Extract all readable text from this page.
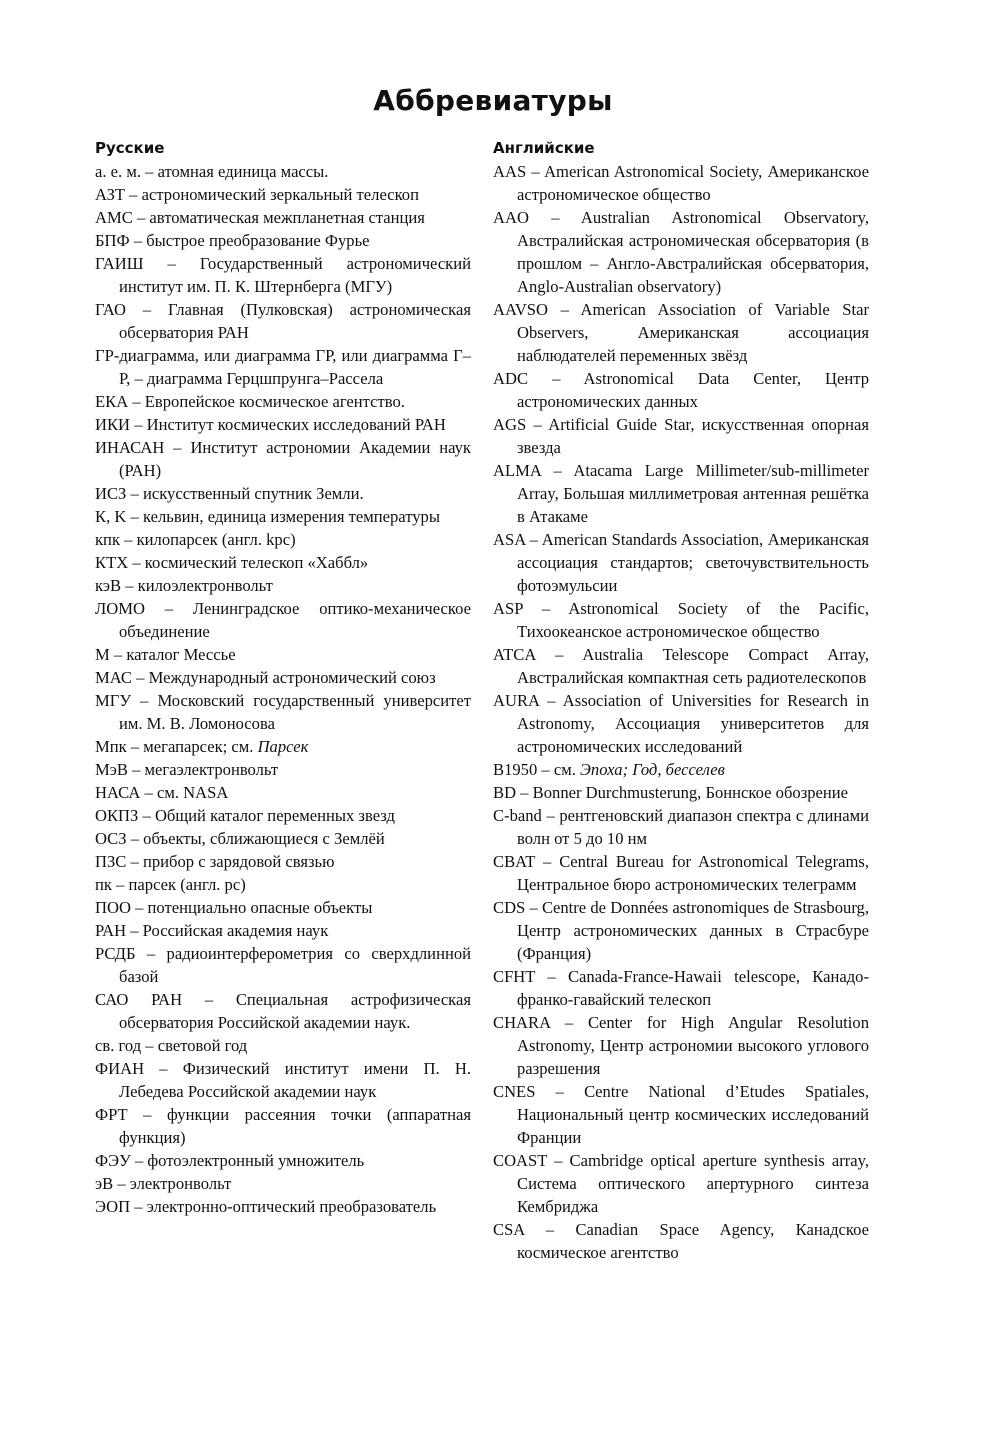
Аббревиатуры
Русские
а. е. м. – атомная единица массы.
АЗТ – астрономический зеркальный телескоп
АМС – автоматическая межпланетная станция
БПФ – быстрое преобразование Фурье
ГАИШ – Государственный астрономический институт им. П. К. Штернберга (МГУ)
ГАО – Главная (Пулковская) астрономическая обсерватория РАН
ГР-диаграмма, или диаграмма ГР, или диаграмма Г–Р, – диаграмма Герцшпрунга–Рассела
ЕКА – Европейское космическое агентство.
ИКИ – Институт космических исследований РАН
ИНАСАН – Институт астрономии Академии наук (РАН)
ИСЗ – искусственный спутник Земли.
К, K – кельвин, единица измерения температуры
кпк – килопарсек (англ. kpc)
КТХ – космический телескоп «Хаббл»
кэВ – килоэлектронвольт
ЛОМО – Ленинградское оптико-механическое объединение
М – каталог Мессье
МАС – Международный астрономический союз
МГУ – Московский государственный университет им. М. В. Ломоносова
Мпк – мегапарсек; см. Парсек
МэВ – мегаэлектронвольт
НАСА – см. NASA
ОКПЗ – Общий каталог переменных звезд
ОСЗ – объекты, сближающиеся с Землёй
ПЗС – прибор с зарядовой связью
пк – парсек (англ. pc)
ПОО – потенциально опасные объекты
РАН – Российская академия наук
РСДБ – радиоинтерферометрия со сверхдлинной базой
САО РАН – Специальная астрофизическая обсерватория Российской академии наук.
св. год – световой год
ФИАН – Физический институт имени П. Н. Лебедева Российской академии наук
ФРТ – функции рассеяния точки (аппаратная функция)
ФЭУ – фотоэлектронный умножитель
эВ – электронвольт
ЭОП – электронно-оптический преобразователь
Английские
AAS – American Astronomical Society, Американское астрономическое общество
AAO – Australian Astronomical Observatory, Австралийская астрономическая обсерватория (в прошлом – Англо-Австралийская обсерватория, Anglo-Australian observatory)
AAVSO – American Association of Variable Star Observers, Американская ассоциация наблюдателей переменных звёзд
ADC – Astronomical Data Center, Центр астрономических данных
AGS – Artificial Guide Star, искусственная опорная звезда
ALMA – Atacama Large Millimeter/sub-millimeter Array, Большая миллиметровая антенная решётка в Атакаме
ASA – American Standards Association, Американская ассоциация стандартов; светочувствительность фотоэмульсии
ASP – Astronomical Society of the Pacific, Тихоокеанское астрономическое общество
ATCA – Australia Telescope Compact Array, Австралийская компактная сеть радиотелескопов
AURA – Association of Universities for Research in Astronomy, Ассоциация университетов для астрономических исследований
B1950 – см. Эпоха; Год, бесселев
BD – Bonner Durchmusterung, Боннское обозрение
C-band – рентгеновский диапазон спектра с длинами волн от 5 до 10 нм
CBAT – Central Bureau for Astronomical Telegrams, Центральное бюро астрономических телеграмм
CDS – Centre de Données astronomiques de Strasbourg, Центр астрономических данных в Страсбуре (Франция)
CFHT – Canada-France-Hawaii telescope, Канадо-франко-гавайский телескоп
CHARA – Center for High Angular Resolution Astronomy, Центр астрономии высокого углового разрешения
CNES – Centre National d’Etudes Spatiales, Национальный центр космических исследований Франции
COAST – Cambridge optical aperture synthesis array, Система оптического апертурного синтеза Кембриджа
CSA – Canadian Space Agency, Канадское космическое агентство
